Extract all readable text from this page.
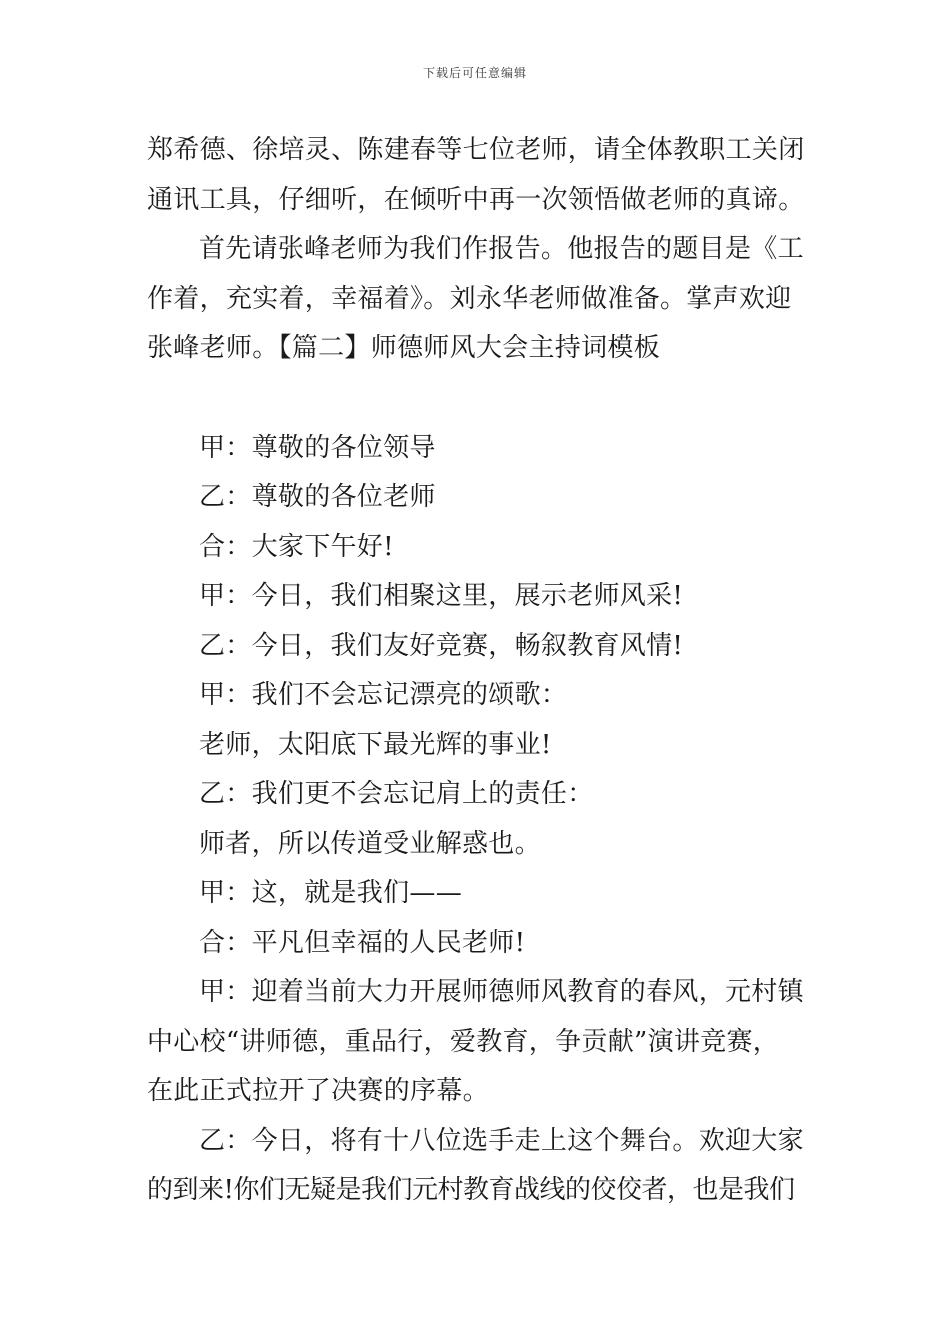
下载后可任意编辑
郑希德、徐培灵、陈建春等七位老师，请全体教职工关闭
通讯工具，仔细听，在倾听中再一次领悟做老师的真谛。
首先请张峰老师为我们作报告。他报告的题目是《工
作着，充实着，幸福着》。刘永华老师做准备。掌声欢迎
张峰老师。【篇二】师德师风大会主持词模板
甲：尊敬的各位领导
乙：尊敬的各位老师
合：大家下午好!
甲：今日，我们相聚这里，展示老师风采!
乙：今日，我们友好竞赛，畅叙教育风情!
甲：我们不会忘记漂亮的颂歌：
老师，太阳底下最光辉的事业!
乙：我们更不会忘记肩上的责任：
师者，所以传道受业解惑也。
甲：这，就是我们——
合：平凡但幸福的人民老师!
甲：迎着当前大力开展师德师风教育的春风，元村镇
中心校“讲师德，重品行，爱教育，争贡献”演讲竞赛，
在此正式拉开了决赛的序幕。
乙：今日，将有十八位选手走上这个舞台。欢迎大家
的到来!你们无疑是我们元村教育战线的佼佼者，也是我们
